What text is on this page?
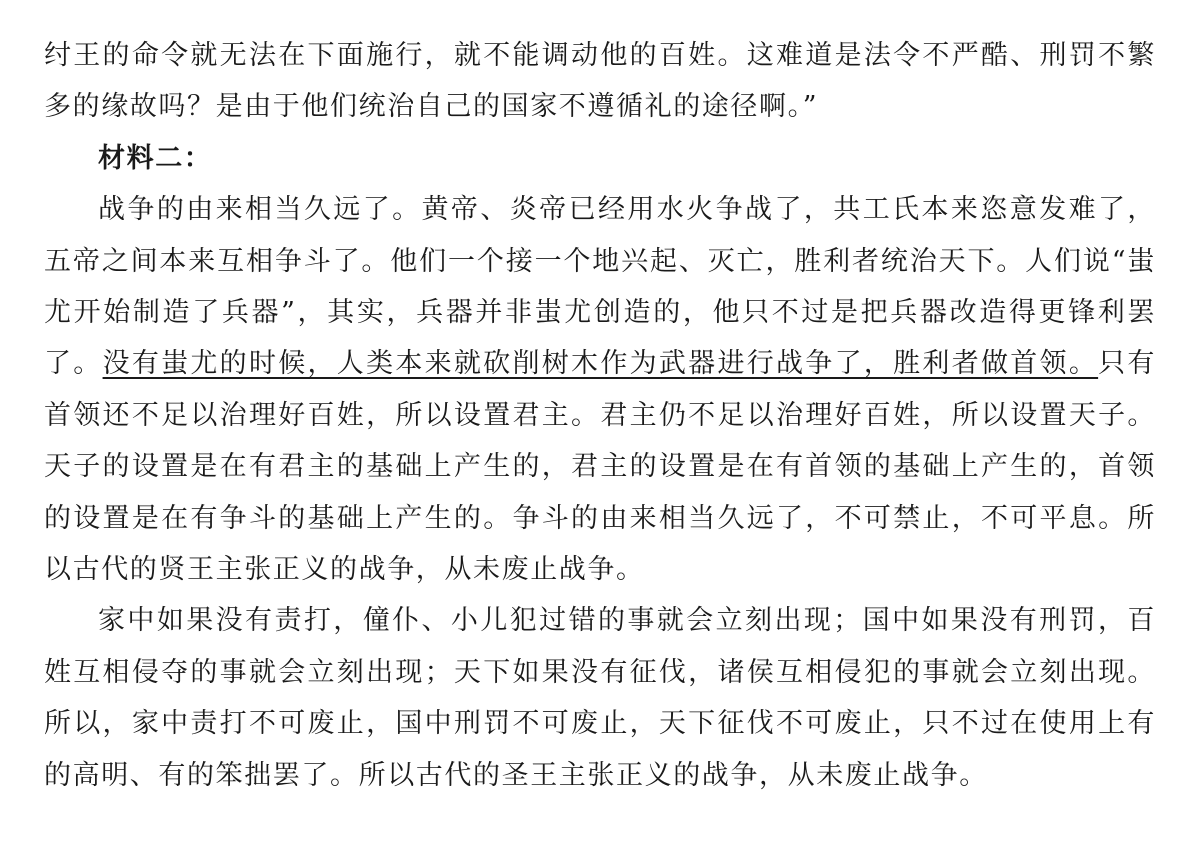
纣王的命令就无法在下面施行，就不能调动他的百姓。这难道是法令不严酷、刑罚不繁多的缘故吗？是由于他们统治自己的国家不遵循礼的途径啊。”

材料二：

战争的由来相当久远了。黄帝、炎帝已经用水火争战了，共工氏本来恣意发难了，五帝之间本来互相争斗了。他们一个接一个地兴起、灭亡，胜利者统治天下。人们说“蚩尤开始制造了兵器”，其实，兵器并非蚩尤创造的，他只不过是把兵器改造得更锋利罢了。没有蚩尤的时候，人类本来就砍削树木作为武器进行战争了，胜利者做首领。只有首领还不足以治理好百姓，所以设置君主。君主仍不足以治理好百姓，所以设置天子。天子的设置是在有君主的基础上产生的，君主的设置是在有首领的基础上产生的，首领的设置是在有争斗的基础上产生的。争斗的由来相当久远了，不可禁止，不可平息。所以古代的贤王主张正义的战争，从未废止战争。

家中如果没有责打，僮仆、小儿犯过错的事就会立刻出现；国中如果没有刑罚，百姓互相侵夺的事就会立刻出现；天下如果没有征伐，诸侯互相侵犯的事就会立刻出现。所以，家中责打不可废止，国中刑罚不可废止，天下征伐不可废止，只不过在使用上有的高明、有的笨拙罢了。所以古代的圣王主张正义的战争，从未废止战争。
